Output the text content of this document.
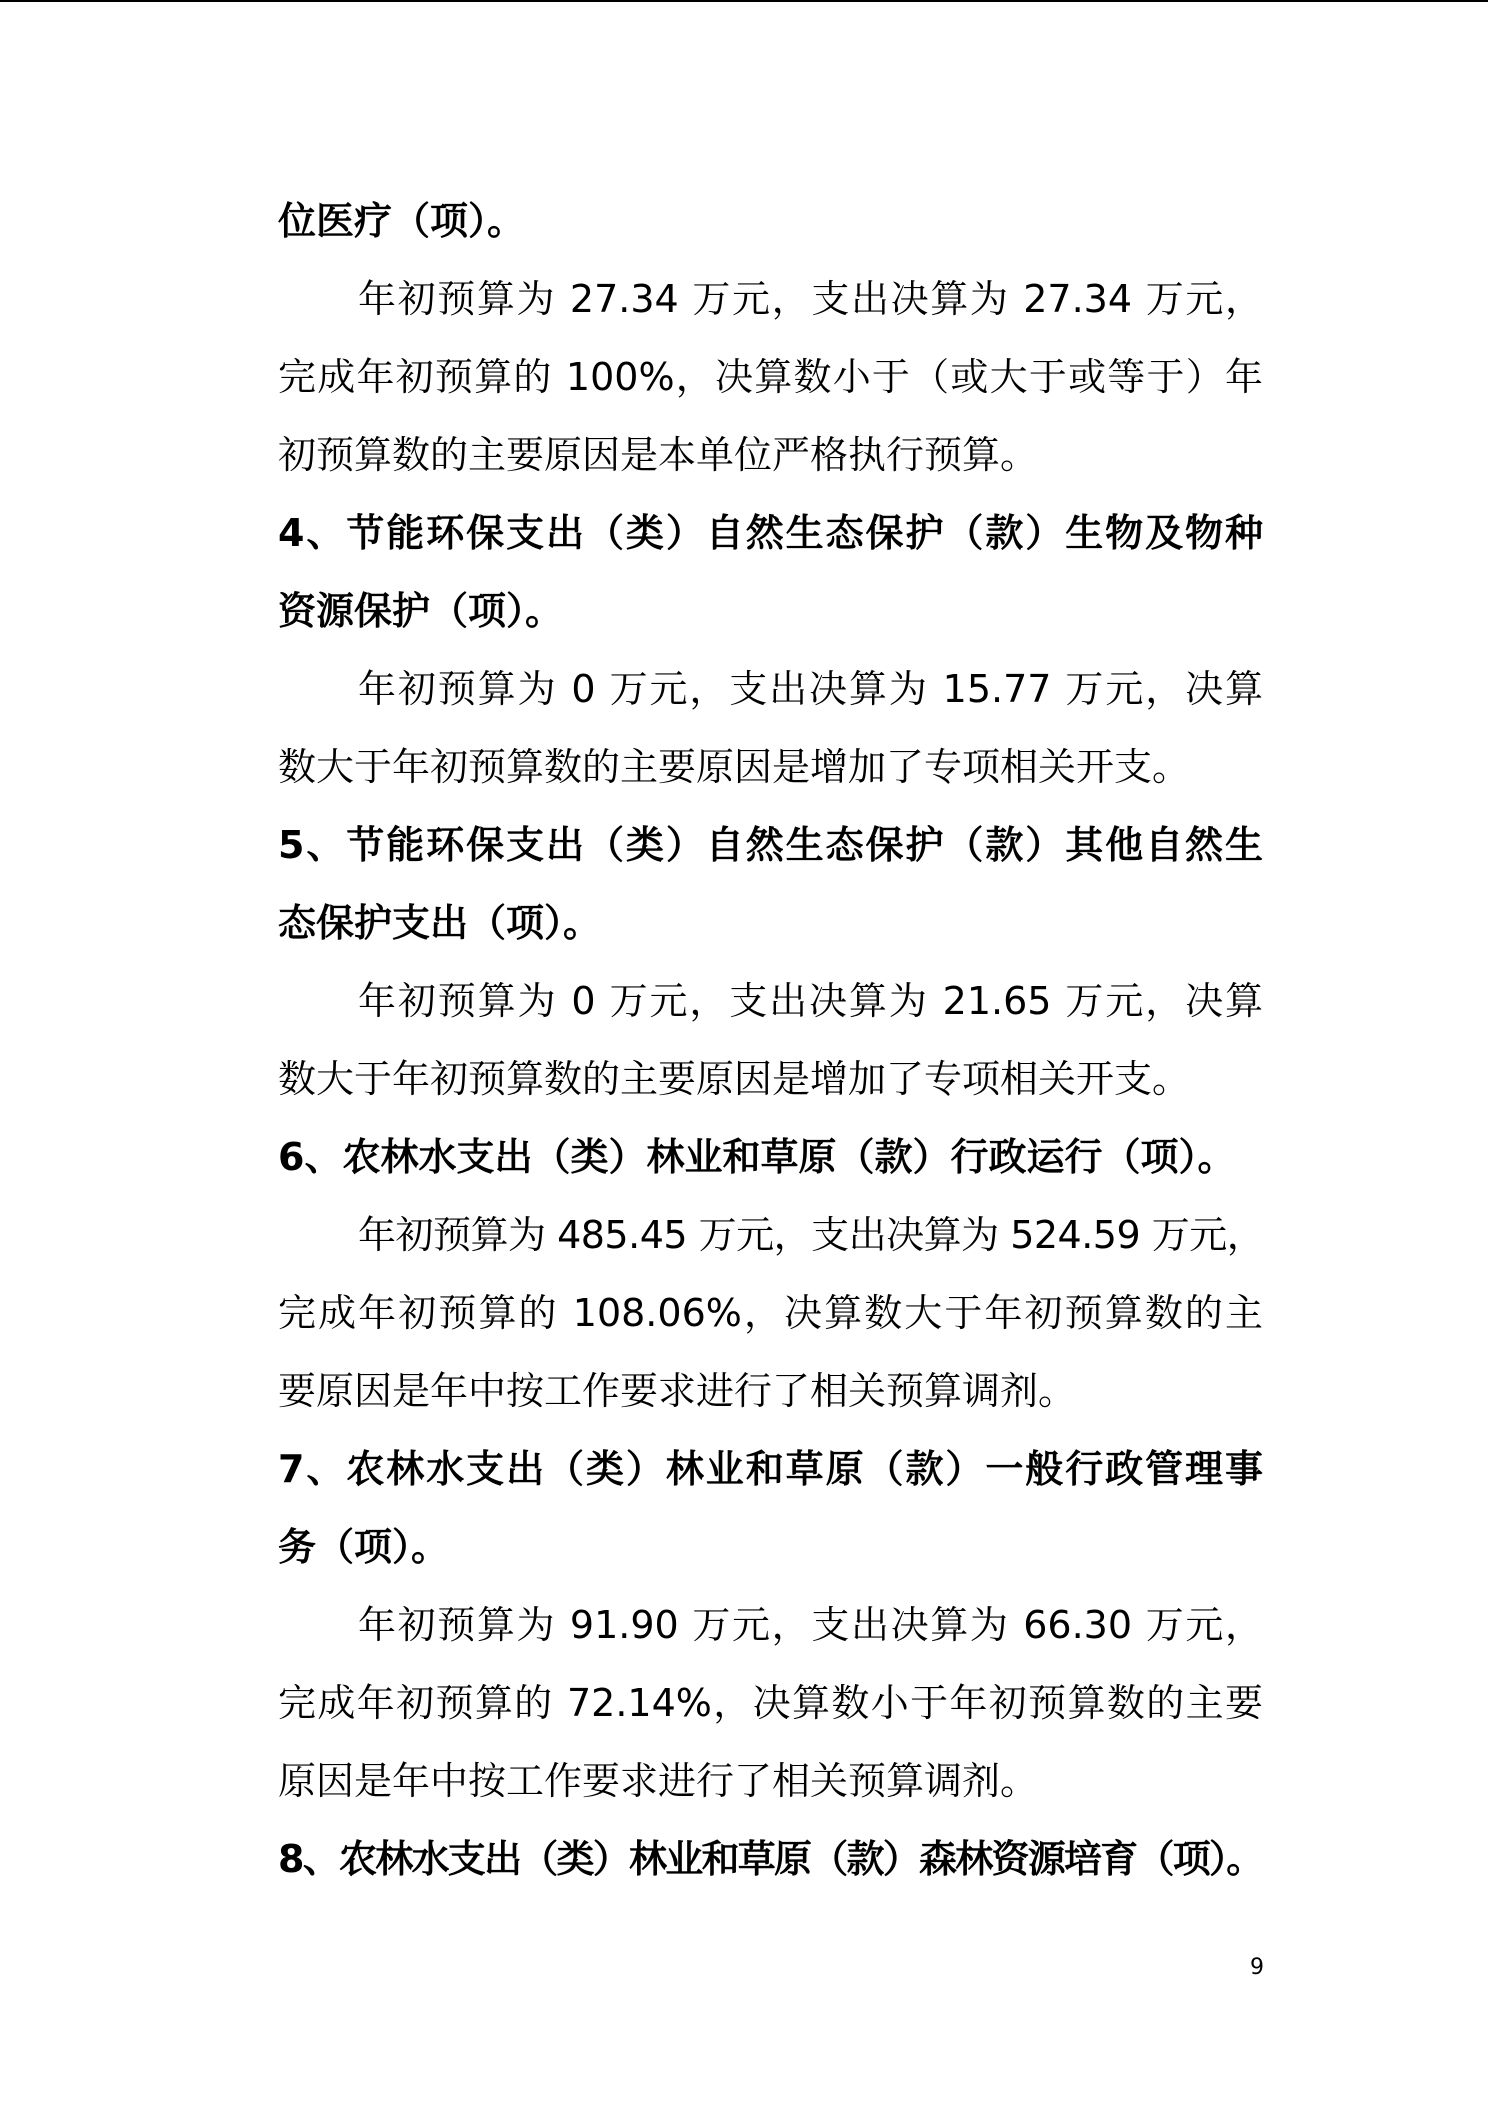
位医疗（项）。
年初预算为 27.34 万元，支出决算为 27.34 万元，
完成年初预算的 100%，决算数小于（或大于或等于）年
初预算数的主要原因是本单位严格执行预算。
4、节能环保支出（类）自然生态保护（款）生物及物种
资源保护（项）。
年初预算为 0 万元，支出决算为 15.77 万元，决算
数大于年初预算数的主要原因是增加了专项相关开支。
5、节能环保支出（类）自然生态保护（款）其他自然生
态保护支出（项）。
年初预算为 0 万元，支出决算为 21.65 万元，决算
数大于年初预算数的主要原因是增加了专项相关开支。
6、农林水支出（类）林业和草原（款）行政运行（项）。
年初预算为 485.45 万元，支出决算为 524.59 万元，
完成年初预算的 108.06%，决算数大于年初预算数的主
要原因是年中按工作要求进行了相关预算调剂。
7、农林水支出（类）林业和草原（款）一般行政管理事
务（项）。
年初预算为 91.90 万元，支出决算为 66.30 万元，
完成年初预算的 72.14%，决算数小于年初预算数的主要
原因是年中按工作要求进行了相关预算调剂。
8、农林水支出（类）林业和草原（款）森林资源培育（项）。
9
